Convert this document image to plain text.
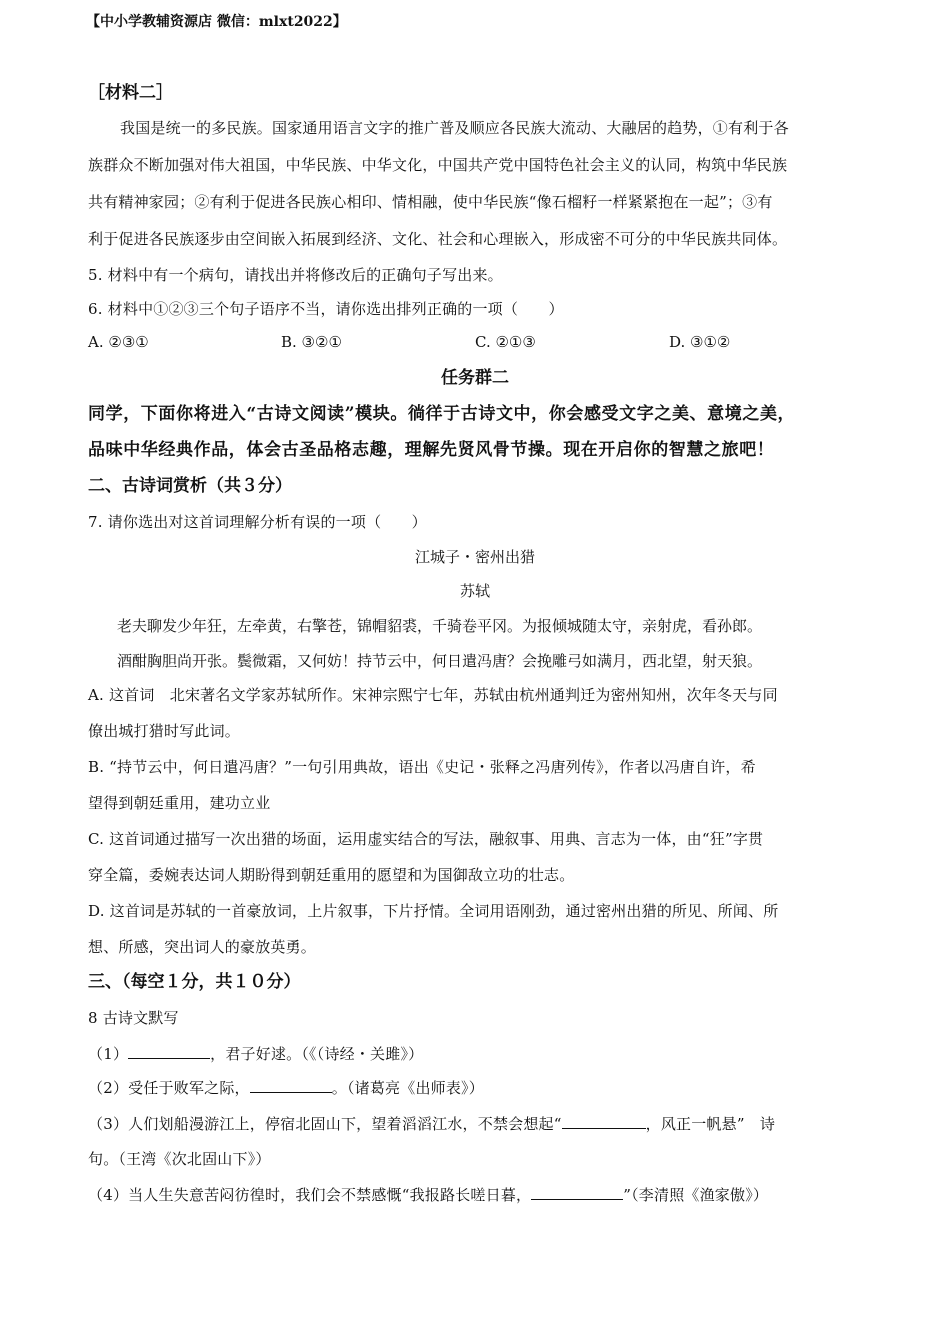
【中小学教辅资源店 微信：mlxt2022】
［材料二］
我国是统一的多民族。国家通用语言文字的推广普及顺应各民族大流动、大融居的趋势，①有利于各
族群众不断加强对伟大祖国，中华民族、中华文化，中国共产党中国特色社会主义的认同，构筑中华民族
共有精神家园；②有利于促进各民族心相印、情相融，使中华民族“像石榴籽一样紧紧抱在一起”；③有
利于促进各民族逐步由空间嵌入拓展到经济、文化、社会和心理嵌入，形成密不可分的中华民族共同体。
5. 材料中有一个病句，请找出并将修改后的正确句子写出来。
6. 材料中①②③三个句子语序不当，请你选出排列正确的一项（　　）
A. ②③①	B. ③②①	C. ②①③	D. ③①②
任务群二
同学，下面你将进入“古诗文阅读”模块。徜徉于古诗文中，你会感受文字之美、意境之美，
品味中华经典作品，体会古圣品格志趣，理解先贤风骨节操。现在开启你的智慧之旅吧！
二、古诗词赏析（共３分）
7. 请你选出对这首词理解分析有误的一项（　　）
江城子・密州出猎
苏轼
老夫聊发少年狂，左牵黄，右擎苍，锦帽貂裘，千骑卷平冈。为报倾城随太守，亲射虎，看孙郎。
酒酣胸胆尚开张。鬓微霜，又何妨！持节云中，何日遣冯唐？会挽雕弓如满月，西北望，射天狼。
A. 这首词　北宋著名文学家苏轼所作。宋神宗熙宁七年，苏轼由杭州通判迁为密州知州，次年冬天与同
僚出城打猎时写此词。
B. “持节云中，何日遣冯唐？”一句引用典故，语出《史记・张释之冯唐列传》，作者以冯唐自许，希
望得到朝廷重用，建功立业
C. 这首词通过描写一次出猎的场面，运用虚实结合的写法，融叙事、用典、言志为一体，由“狂”字贯
穿全篇，委婉表达词人期盼得到朝廷重用的愿望和为国御敌立功的壮志。
D. 这首词是苏轼的一首豪放词，上片叙事，下片抒情。全词用语刚劲，通过密州出猎的所见、所闻、所
想、所感，突出词人的豪放英勇。
三、（每空１分，共１０分）
8 古诗文默写
（1）	，君子好逑。（《（诗经・关雎》）
（2）受任于败军之际，	。（诸葛亮《出师表》）
（3）人们划船漫游江上，停宿北固山下，望着滔滔江水，不禁会想起“	，风正一帆悬”　诗
句。（王湾《次北固山下》）
（4）当人生失意苦闷彷徨时，我们会不禁感慨“我报路长嗟日暮，	”（李清照《渔家傲》）
